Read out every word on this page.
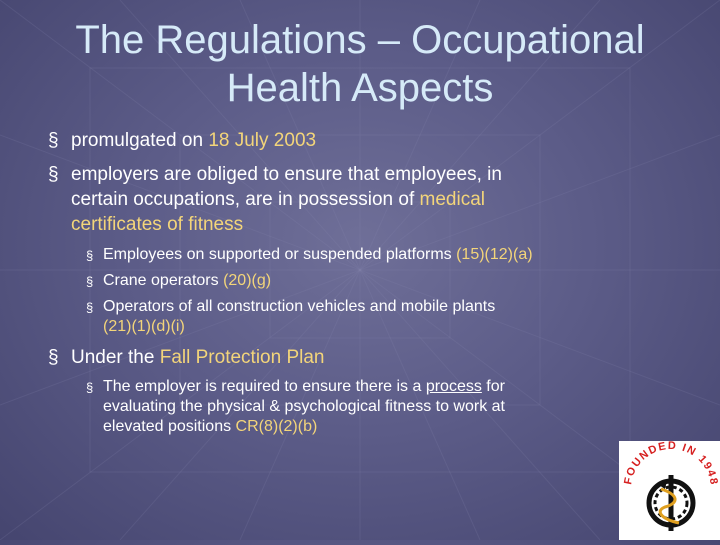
The Regulations – Occupational
Health Aspects
§ promulgated on 18 July 2003
§ employers are obliged to ensure that employees, in
certain occupations, are in possession of medical
certificates of fitness
§ Employees on supported or suspended platforms (15)(12)(a)
§ Crane operators (20)(g)
§ Operators of all construction vehicles and mobile plants
(21)(1)(d)(i)
§ Under the Fall Protection Plan
§ The employer is required to ensure there is a process for
evaluating the physical & psychological fitness to work at
elevated positions CR(8)(2)(b)
FOUNDED IN 1948
